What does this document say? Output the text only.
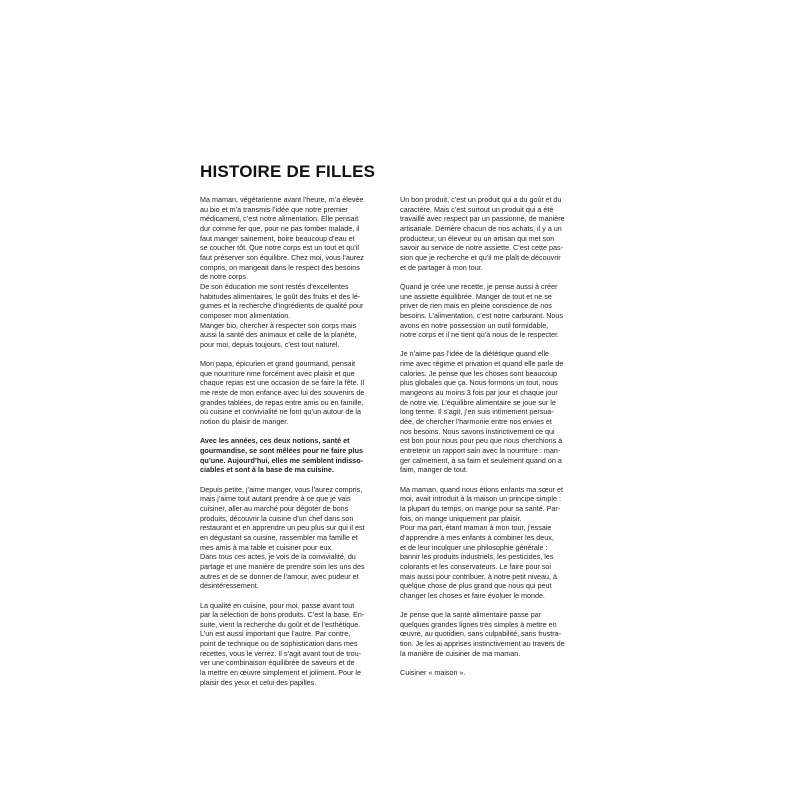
HISTOIRE DE FILLES

Ma maman, végétarienne avant l’heure, m’a élevée
au bio et m’a transmis l’idée que notre premier
médicament, c’est notre alimentation. Elle pensait
dur comme fer que, pour ne pas tomber malade, il
faut manger sainement, boire beaucoup d’eau et
se coucher tôt. Que notre corps est un tout et qu’il
faut préserver son équilibre. Chez moi, vous l’aurez
compris, on mangeait dans le respect des besoins
de notre corps.
De son éducation me sont restés d’excellentes
habitudes alimentaires, le goût des fruits et des lé-
gumes et la recherche d’ingrédients de qualité pour
composer mon alimentation.
Manger bio, chercher à respecter son corps mais
aussi la santé des animaux et celle de la planète,
pour moi, depuis toujours, c’est tout naturel.

Mon papa, épicurien et grand gourmand, pensait
que nourriture rime forcément avec plaisir et que
chaque repas est une occasion de se faire la fête. Il
me reste de mon enfance avec lui des souvenirs de
grandes tablées, de repas entre amis ou en famille,
où cuisine et convivialité ne font qu’un autour de la
notion du plaisir de manger.

Avec les années, ces deux notions, santé et
gourmandise, se sont mêlées pour ne faire plus
qu’une. Aujourd’hui, elles me semblent indisso-
ciables et sont à la base de ma cuisine.

Depuis petite, j’aime manger, vous l’aurez compris,
mais j’aime tout autant prendre à ce que je vais
cuisiner, aller au marché pour dégoter de bons
produits, découvrir la cuisine d’un chef dans son
restaurant et en apprendre un peu plus sur qui il est
en dégustant sa cuisine, rassembler ma famille et
mes amis à ma table et cuisiner pour eux.
Dans tous ces actes, je vois de la convivialité, du
partage et une manière de prendre soin les uns des
autres et de se donner de l’amour, avec pudeur et
désintéressement.

La qualité en cuisine, pour moi, passe avant tout
par la sélection de bons produits. C’est la base. En-
suite, vient la recherche du goût et de l’esthétique.
L’un est aussi important que l’autre. Par contre,
point de technique ou de sophistication dans mes
recettes, vous le verrez. Il s’agit avant tout de trou-
ver une combinaison équilibrée de saveurs et de
la mettre en œuvre simplement et joliment. Pour le
plaisir des yeux et celui des papilles.

Un bon produit, c’est un produit qui a du goût et du
caractère. Mais c’est surtout un produit qui a été
travaillé avec respect par un passionné, de manière
artisanale. Derrière chacun de nos achats, il y a un
producteur, un éleveur ou un artisan qui met son
savoir au service de notre assiette. C’est cette pas-
sion que je recherche et qu’il me plaît de découvrir
et de partager à mon tour.

Quand je crée une recette, je pense aussi à créer
une assiette équilibrée. Manger de tout et ne se
priver de rien mais en pleine conscience de nos
besoins. L’alimentation, c’est notre carburant. Nous
avons en notre possession un outil formidable,
notre corps et il ne tient qu’à nous de le respecter.

Je n’aime pas l’idée de la diététique quand elle
rime avec régime et privation et quand elle parle de
calories. Je pense que les choses sont beaucoup
plus globales que ça. Nous formons un tout, nous
mangeons au moins 3 fois par jour et chaque jour
de notre vie. L’équilibre alimentaire se joue sur le
long terme. Il s’agit, j’en suis intimement persua-
dée, de chercher l’harmonie entre nos envies et
nos besoins. Nous savons instinctivement ce qui
est bon pour nous pour peu que nous cherchions à
entretenir un rapport sain avec la nourriture : man-
ger calmement, à sa faim et seulement quand on a
faim, manger de tout.

Ma maman, quand nous étions enfants ma sœur et
moi, avait introduit à la maison un principe simple :
la plupart du temps, on mange pour sa santé. Par-
fois, on mange uniquement par plaisir.
Pour ma part, étant maman à mon tour, j’essaie
d’apprendre à mes enfants à combiner les deux,
et de leur inculquer une philosophie générale :
bannir les produits industriels, les pesticides, les
colorants et les conservateurs. Le faire pour soi
mais aussi pour contribuer, à notre petit niveau, à
quelque chose de plus grand que nous qui peut
changer les choses et faire évoluer le monde.

Je pense que la santé alimentaire passe par
quelques grandes lignes très simples à mettre en
œuvre, au quotidien, sans culpabilité, sans frustra-
tion. Je les ai apprises instinctivement au travers de
la manière de cuisiner de ma maman.

Cuisiner « maison ».
